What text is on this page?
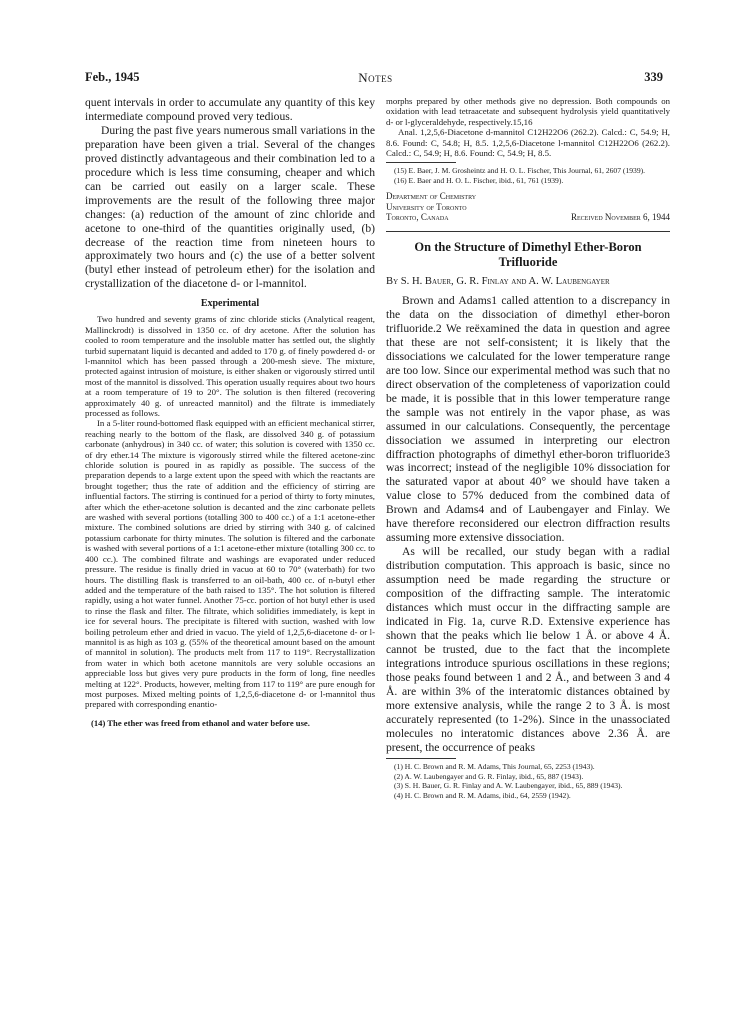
Feb., 1945	Notes	339

quent intervals in order to accumulate any quantity of this key intermediate compound proved very tedious.

During the past five years numerous small variations in the preparation have been given a trial. Several of the changes proved distinctly advantageous and their combination led to a procedure which is less time consuming, cheaper and which can be carried out easily on a larger scale. These improvements are the result of the following three major changes: (a) reduction of the amount of zinc chloride and acetone to one-third of the quantities originally used, (b) decrease of the reaction time from nineteen hours to approximately two hours and (c) the use of a better solvent (butyl ether instead of petroleum ether) for the isolation and crystallization of the diacetone d- or l-mannitol.

Experimental

Two hundred and seventy grams of zinc chloride sticks (Analytical reagent, Mallinckrodt) is dissolved in 1350 cc. of dry acetone. After the solution has cooled to room temperature and the insoluble matter has settled out, the slightly turbid supernatant liquid is decanted and added to 170 g. of finely powdered d- or l-mannitol which has been passed through a 200-mesh sieve. The mixture, protected against intrusion of moisture, is either shaken or vigorously stirred until most of the mannitol is dissolved. This operation usually requires about two hours at a room temperature of 19 to 20°. The solution is then filtered (recovering approximately 40 g. of unreacted mannitol) and the filtrate is immediately processed as follows.

In a 5-liter round-bottomed flask equipped with an efficient mechanical stirrer, reaching nearly to the bottom of the flask, are dissolved 340 g. of potassium carbonate (anhydrous) in 340 cc. of water; this solution is covered with 1350 cc. of dry ether.14 The mixture is vigorously stirred while the filtered acetone-zinc chloride solution is poured in as rapidly as possible. The success of the preparation depends to a large extent upon the speed with which the reactants are brought together; thus the rate of addition and the efficiency of stirring are influential factors. The stirring is continued for a period of thirty to forty minutes, after which the ether-acetone solution is decanted and the zinc carbonate pellets are washed with several portions (totalling 300 to 400 cc.) of a 1:1 acetone-ether mixture. The combined solutions are dried by stirring with 340 g. of calcined potassium carbonate for thirty minutes. The solution is filtered and the carbonate is washed with several portions of a 1:1 acetone-ether mixture (totalling 300 cc. to 400 cc.). The combined filtrate and washings are evaporated under reduced pressure. The residue is finally dried in vacuo at 60 to 70° (waterbath) for two hours. The distilling flask is transferred to an oil-bath, 400 cc. of n-butyl ether added and the temperature of the bath raised to 135°. The hot solution is filtered rapidly, using a hot water funnel. Another 75-cc. portion of hot butyl ether is used to rinse the flask and filter. The filtrate, which solidifies immediately, is kept in ice for several hours. The precipitate is filtered with suction, washed with low boiling petroleum ether and dried in vacuo. The yield of 1,2,5,6-diacetone d- or l-mannitol is as high as 103 g. (55% of the theoretical amount based on the amount of mannitol in solution). The products melt from 117 to 119°. Recrystallization from water in which both acetone mannitols are very soluble occasions an appreciable loss but gives very pure products in the form of long, fine needles melting at 122°. Products, however, melting from 117 to 119° are pure enough for most purposes. Mixed melting points of 1,2,5,6-diacetone d- or l-mannitol thus prepared with corresponding enantio-

(14) The ether was freed from ethanol and water before use.

morphs prepared by other methods give no depression. Both compounds on oxidation with lead tetraacetate and subsequent hydrolysis yield quantitatively d- or l-glyceraldehyde, respectively.15,16

Anal. 1,2,5,6-Diacetone d-mannitol C12H22O6 (262.2). Calcd.: C, 54.9; H, 8.6. Found: C, 54.8; H, 8.5. 1,2,5,6-Diacetone l-mannitol C12H22O6 (262.2). Calcd.: C, 54.9; H, 8.6. Found: C, 54.9; H, 8.5.

(15) E. Baer, J. M. Grosheintz and H. O. L. Fischer, This Journal, 61, 2607 (1939).

(16) E. Baer and H. O. L. Fischer, ibid., 61, 761 (1939).

Department of Chemistry
University of Toronto
Toronto, Canada	Received November 6, 1944
On the Structure of Dimethyl Ether-Boron Trifluoride
By S. H. Bauer, G. R. Finlay and A. W. Laubengayer

Brown and Adams1 called attention to a discrepancy in the data on the dissociation of dimethyl ether-boron trifluoride.2 We reëxamined the data in question and agree that these are not self-consistent; it is likely that the dissociations we calculated for the lower temperature range are too low. Since our experimental method was such that no direct observation of the completeness of vaporization could be made, it is possible that in this lower temperature range the sample was not entirely in the vapor phase, as was assumed in our calculations. Consequently, the percentage dissociation we assumed in interpreting our electron diffraction photographs of dimethyl ether-boron trifluoride3 was incorrect; instead of the negligible 10% dissociation for the saturated vapor at about 40° we should have taken a value close to 57% deduced from the combined data of Brown and Adams4 and of Laubengayer and Finlay. We have therefore reconsidered our electron diffraction results assuming more extensive dissociation.

As will be recalled, our study began with a radial distribution computation. This approach is basic, since no assumption need be made regarding the structure or composition of the diffracting sample. The interatomic distances which must occur in the diffracting sample are indicated in Fig. 1a, curve R.D. Extensive experience has shown that the peaks which lie below 1 Å. or above 4 Å. cannot be trusted, due to the fact that the incomplete integrations introduce spurious oscillations in these regions; those peaks found between 1 and 2 Å., and between 3 and 4 Å. are within 3% of the interatomic distances obtained by more extensive analysis, while the range 2 to 3 Å. is most accurately represented (to 1-2%). Since in the unassociated molecules no interatomic distances above 2.36 Å. are present, the occurrence of peaks

(1) H. C. Brown and R. M. Adams, This Journal, 65, 2253 (1943).

(2) A. W. Laubengayer and G. R. Finlay, ibid., 65, 887 (1943).

(3) S. H. Bauer, G. R. Finlay and A. W. Laubengayer, ibid., 65, 889 (1943).

(4) H. C. Brown and R. M. Adams, ibid., 64, 2559 (1942).
